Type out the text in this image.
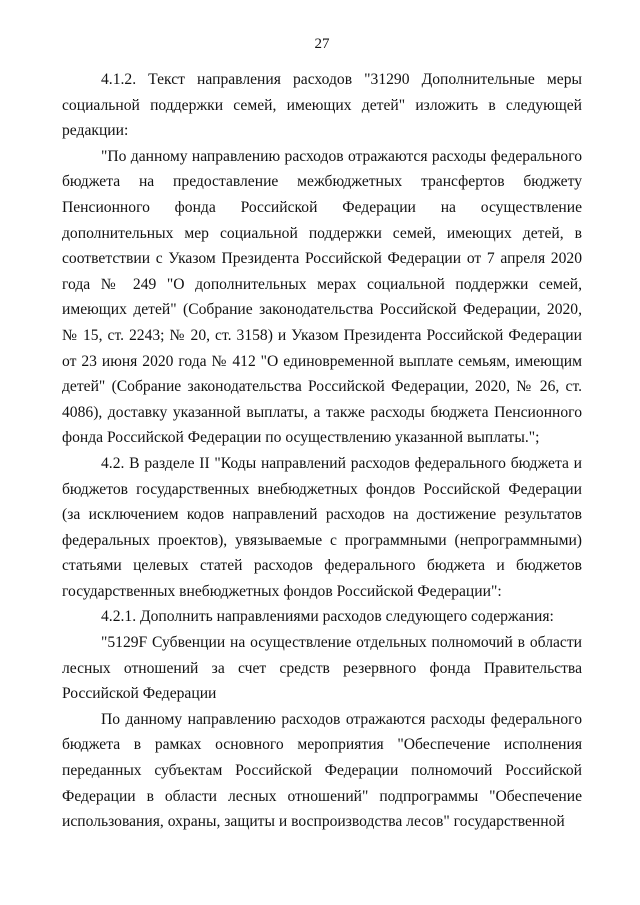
27

4.1.2. Текст направления расходов "31290 Дополнительные меры социальной поддержки семей, имеющих детей" изложить в следующей редакции:

"По данному направлению расходов отражаются расходы федерального бюджета на предоставление межбюджетных трансфертов бюджету Пенсионного фонда Российской Федерации на осуществление дополнительных мер социальной поддержки семей, имеющих детей, в соответствии с Указом Президента Российской Федерации от 7 апреля 2020 года № 249 "О дополнительных мерах социальной поддержки семей, имеющих детей" (Собрание законодательства Российской Федерации, 2020, № 15, ст. 2243; № 20, ст. 3158) и Указом Президента Российской Федерации от 23 июня 2020 года № 412 "О единовременной выплате семьям, имеющим детей" (Собрание законодательства Российской Федерации, 2020, № 26, ст. 4086), доставку указанной выплаты, а также расходы бюджета Пенсионного фонда Российской Федерации по осуществлению указанной выплаты.";

4.2. В разделе II "Коды направлений расходов федерального бюджета и бюджетов государственных внебюджетных фондов Российской Федерации (за исключением кодов направлений расходов на достижение результатов федеральных проектов), увязываемые с программными (непрограммными) статьями целевых статей расходов федерального бюджета и бюджетов государственных внебюджетных фондов Российской Федерации":

4.2.1. Дополнить направлениями расходов следующего содержания:

"5129F Субвенции на осуществление отдельных полномочий в области лесных отношений за счет средств резервного фонда Правительства Российской Федерации

По данному направлению расходов отражаются расходы федерального бюджета в рамках основного мероприятия "Обеспечение исполнения переданных субъектам Российской Федерации полномочий Российской Федерации в области лесных отношений" подпрограммы "Обеспечение использования, охраны, защиты и воспроизводства лесов" государственной
